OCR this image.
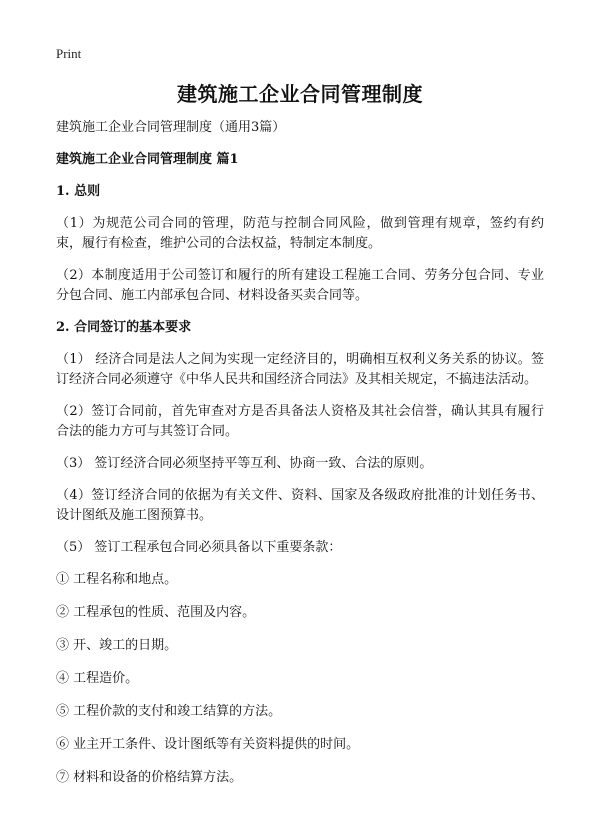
Print
建筑施工企业合同管理制度

建筑施工企业合同管理制度（通用3篇）

建筑施工企业合同管理制度 篇1

1. 总则

（1）为规范公司合同的管理，防范与控制合同风险，做到管理有规章，签约有约束，履行有检查，维护公司的合法权益，特制定本制度。

（2）本制度适用于公司签订和履行的所有建设工程施工合同、劳务分包合同、专业分包合同、施工内部承包合同、材料设备买卖合同等。

2. 合同签订的基本要求

（1） 经济合同是法人之间为实现一定经济目的，明确相互权利义务关系的协议。签订经济合同必须遵守《中华人民共和国经济合同法》及其相关规定，不搞违法活动。

（2）签订合同前，首先审查对方是否具备法人资格及其社会信誉，确认其具有履行合法的能力方可与其签订合同。

（3） 签订经济合同必须坚持平等互利、协商一致、合法的原则。

（4）签订经济合同的依据为有关文件、资料、国家及各级政府批准的计划任务书、设计图纸及施工图预算书。

（5） 签订工程承包合同必须具备以下重要条款：

① 工程名称和地点。

② 工程承包的性质、范围及内容。

③ 开、竣工的日期。

④ 工程造价。

⑤ 工程价款的支付和竣工结算的方法。

⑥ 业主开工条件、设计图纸等有关资料提供的时间。

⑦ 材料和设备的价格结算方法。
